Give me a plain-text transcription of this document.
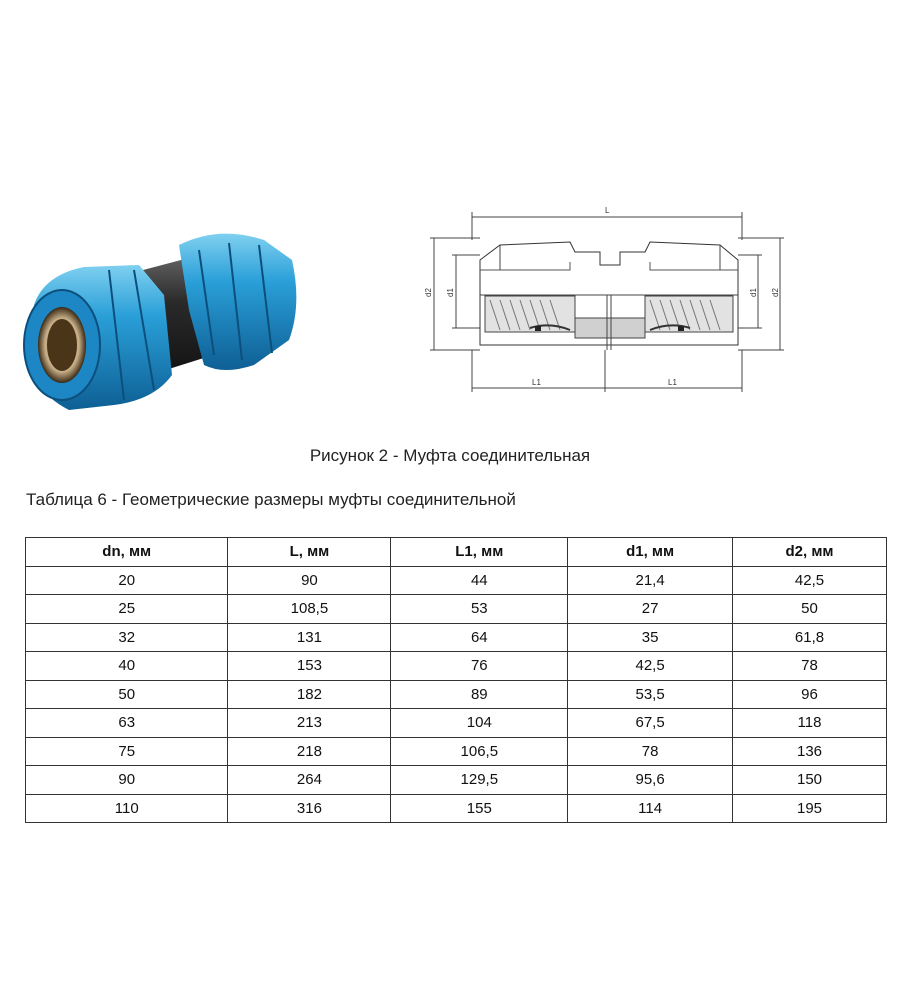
L
L1	L1
d2 d1	d1 d2
Рисунок 2 - Муфта соединительная
Таблица 6 - Геометрические размеры муфты соединительной
dn, мм	L, мм	L1, мм	d1, мм	d2, мм
20	90	44	21,4	42,5
25	108,5	53	27	50
32	131	64	35	61,8
40	153	76	42,5	78
50	182	89	53,5	96
63	213	104	67,5	118
75	218	106,5	78	136
90	264	129,5	95,6	150
110	316	155	114	195
